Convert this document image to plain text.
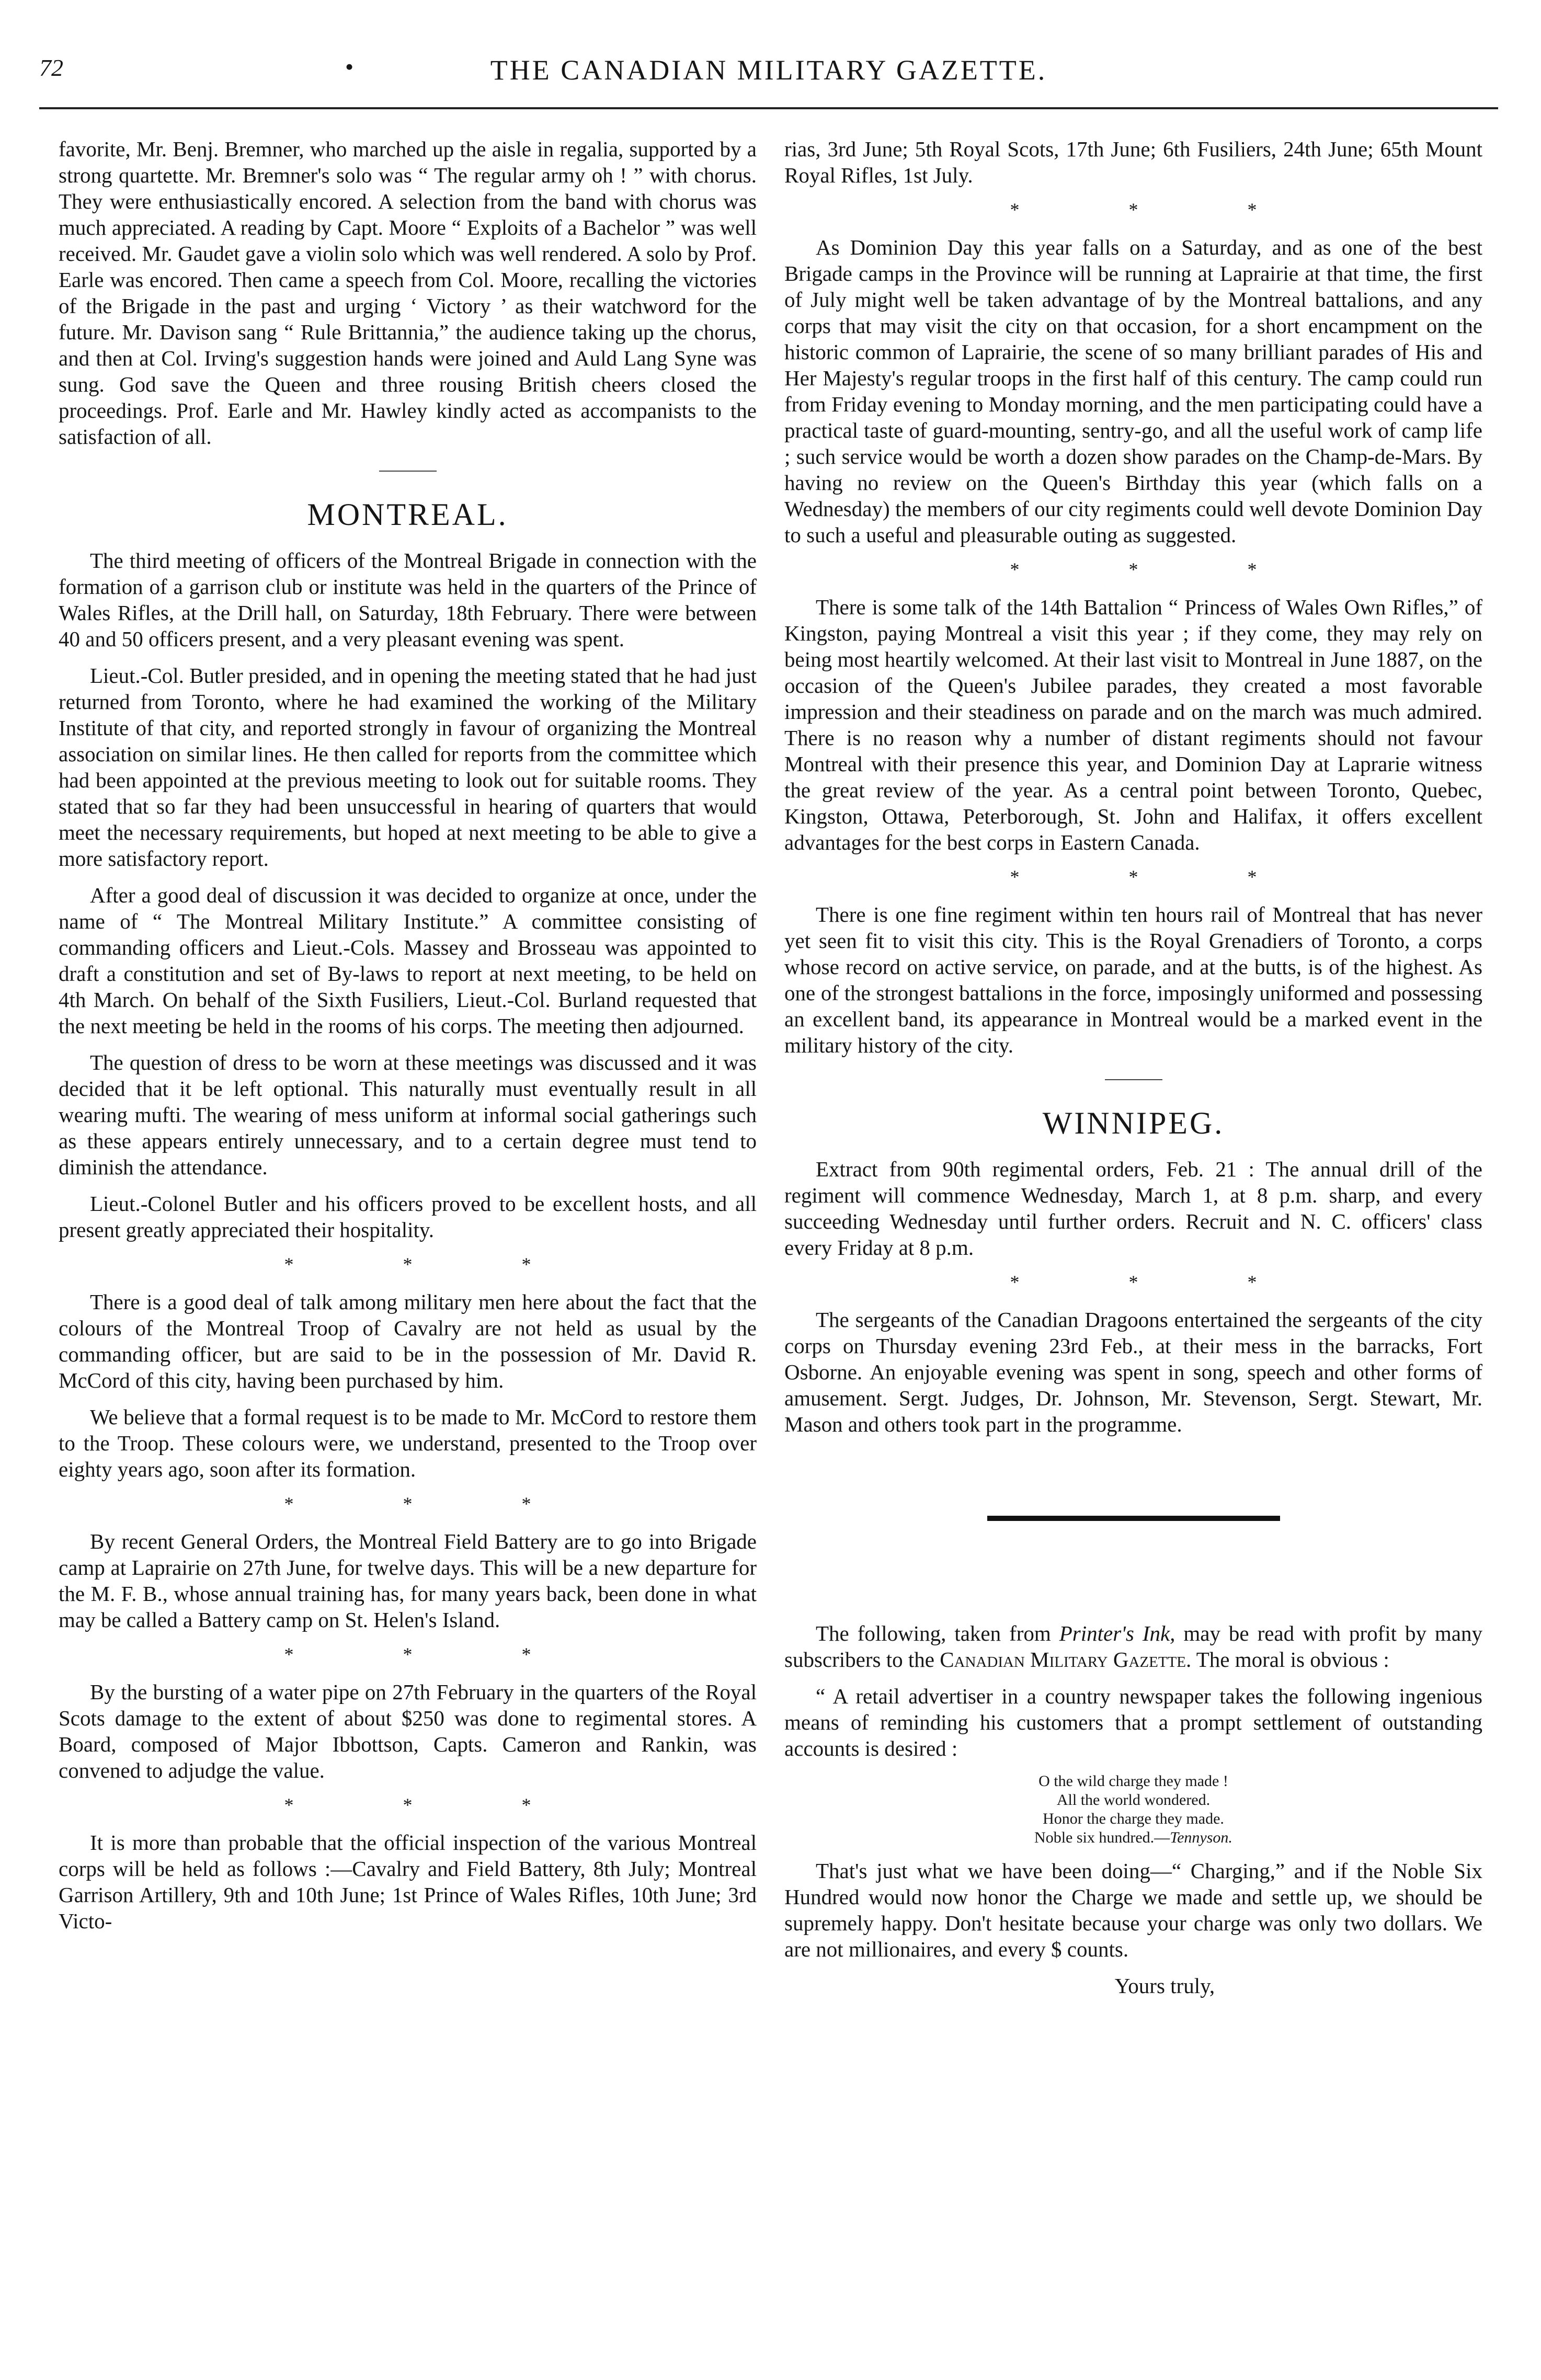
72	•	THE CANADIAN MILITARY GAZETTE.

favorite, Mr. Benj. Bremner, who marched up the aisle in regalia, supported by a strong quartette. Mr. Bremner's solo was “ The regular army oh ! ” with chorus. They were enthusiastically encored. A selection from the band with chorus was much appreciated. A reading by Capt. Moore “ Exploits of a Bachelor ” was well received. Mr. Gaudet gave a violin solo which was well rendered. A solo by Prof. Earle was encored. Then came a speech from Col. Moore, recalling the victories of the Brigade in the past and urging ‘ Victory ’ as their watchword for the future. Mr. Davison sang “ Rule Brittannia,” the audience taking up the chorus, and then at Col. Irving's suggestion hands were joined and Auld Lang Syne was sung. God save the Queen and three rousing British cheers closed the proceedings. Prof. Earle and Mr. Hawley kindly acted as accompanists to the satisfaction of all.

MONTREAL.

The third meeting of officers of the Montreal Brigade in connection with the formation of a garrison club or institute was held in the quarters of the Prince of Wales Rifles, at the Drill hall, on Saturday, 18th February. There were between 40 and 50 officers present, and a very pleasant evening was spent.

Lieut.-Col. Butler presided, and in opening the meeting stated that he had just returned from Toronto, where he had examined the working of the Military Institute of that city, and reported strongly in favour of organizing the Montreal association on similar lines. He then called for reports from the committee which had been appointed at the previous meeting to look out for suitable rooms. They stated that so far they had been unsuccessful in hearing of quarters that would meet the necessary requirements, but hoped at next meeting to be able to give a more satisfactory report.

After a good deal of discussion it was decided to organize at once, under the name of “ The Montreal Military Institute.” A committee consisting of commanding officers and Lieut.-Cols. Massey and Brosseau was appointed to draft a constitution and set of By-laws to report at next meeting, to be held on 4th March. On behalf of the Sixth Fusiliers, Lieut.-Col. Burland requested that the next meeting be held in the rooms of his corps. The meeting then adjourned.

The question of dress to be worn at these meetings was discussed and it was decided that it be left optional. This naturally must eventually result in all wearing mufti. The wearing of mess uniform at informal social gatherings such as these appears entirely unnecessary, and to a certain degree must tend to diminish the attendance.

Lieut.-Colonel Butler and his officers proved to be excellent hosts, and all present greatly appreciated their hospitality.

* * *

There is a good deal of talk among military men here about the fact that the colours of the Montreal Troop of Cavalry are not held as usual by the commanding officer, but are said to be in the possession of Mr. David R. McCord of this city, having been purchased by him.

We believe that a formal request is to be made to Mr. McCord to restore them to the Troop. These colours were, we understand, presented to the Troop over eighty years ago, soon after its formation.

* * *

By recent General Orders, the Montreal Field Battery are to go into Brigade camp at Laprairie on 27th June, for twelve days. This will be a new departure for the M. F. B., whose annual training has, for many years back, been done in what may be called a Battery camp on St. Helen's Island.

* * *

By the bursting of a water pipe on 27th February in the quarters of the Royal Scots damage to the extent of about $250 was done to regimental stores. A Board, composed of Major Ibbottson, Capts. Cameron and Rankin, was convened to adjudge the value.

* * *

It is more than probable that the official inspection of the various Montreal corps will be held as follows :—Cavalry and Field Battery, 8th July; Montreal Garrison Artillery, 9th and 10th June; 1st Prince of Wales Rifles, 10th June; 3rd Victo-

rias, 3rd June; 5th Royal Scots, 17th June; 6th Fusiliers, 24th June; 65th Mount Royal Rifles, 1st July.

* * *

As Dominion Day this year falls on a Saturday, and as one of the best Brigade camps in the Province will be running at Laprairie at that time, the first of July might well be taken advantage of by the Montreal battalions, and any corps that may visit the city on that occasion, for a short encampment on the historic common of Laprairie, the scene of so many brilliant parades of His and Her Majesty's regular troops in the first half of this century. The camp could run from Friday evening to Monday morning, and the men participating could have a practical taste of guard-mounting, sentry-go, and all the useful work of camp life ; such service would be worth a dozen show parades on the Champ-de-Mars. By having no review on the Queen's Birthday this year (which falls on a Wednesday) the members of our city regiments could well devote Dominion Day to such a useful and pleasurable outing as suggested.

* * *

There is some talk of the 14th Battalion “ Princess of Wales Own Rifles,” of Kingston, paying Montreal a visit this year ; if they come, they may rely on being most heartily welcomed. At their last visit to Montreal in June 1887, on the occasion of the Queen's Jubilee parades, they created a most favorable impression and their steadiness on parade and on the march was much admired. There is no reason why a number of distant regiments should not favour Montreal with their presence this year, and Dominion Day at Laprarie witness the great review of the year. As a central point between Toronto, Quebec, Kingston, Ottawa, Peterborough, St. John and Halifax, it offers excellent advantages for the best corps in Eastern Canada.

* * *

There is one fine regiment within ten hours rail of Montreal that has never yet seen fit to visit this city. This is the Royal Grenadiers of Toronto, a corps whose record on active service, on parade, and at the butts, is of the highest. As one of the strongest battalions in the force, imposingly uniformed and possessing an excellent band, its appearance in Montreal would be a marked event in the military history of the city.

WINNIPEG.

Extract from 90th regimental orders, Feb. 21 : The annual drill of the regiment will commence Wednesday, March 1, at 8 p.m. sharp, and every succeeding Wednesday until further orders. Recruit and N. C. officers' class every Friday at 8 p.m.

* * *

The sergeants of the Canadian Dragoons entertained the sergeants of the city corps on Thursday evening 23rd Feb., at their mess in the barracks, Fort Osborne. An enjoyable evening was spent in song, speech and other forms of amusement. Sergt. Judges, Dr. Johnson, Mr. Stevenson, Sergt. Stewart, Mr. Mason and others took part in the programme.

The following, taken from Printer's Ink, may be read with profit by many subscribers to the Canadian Military Gazette. The moral is obvious :

“ A retail advertiser in a country newspaper takes the following ingenious means of reminding his customers that a prompt settlement of outstanding accounts is desired :

O the wild charge they made !
All the world wondered.
Honor the charge they made.
Noble six hundred.—Tennyson.

That's just what we have been doing—“ Charging,” and if the Noble Six Hundred would now honor the Charge we made and settle up, we should be supremely happy. Don't hesitate because your charge was only two dollars. We are not millionaires, and every $ counts.

Yours truly,
